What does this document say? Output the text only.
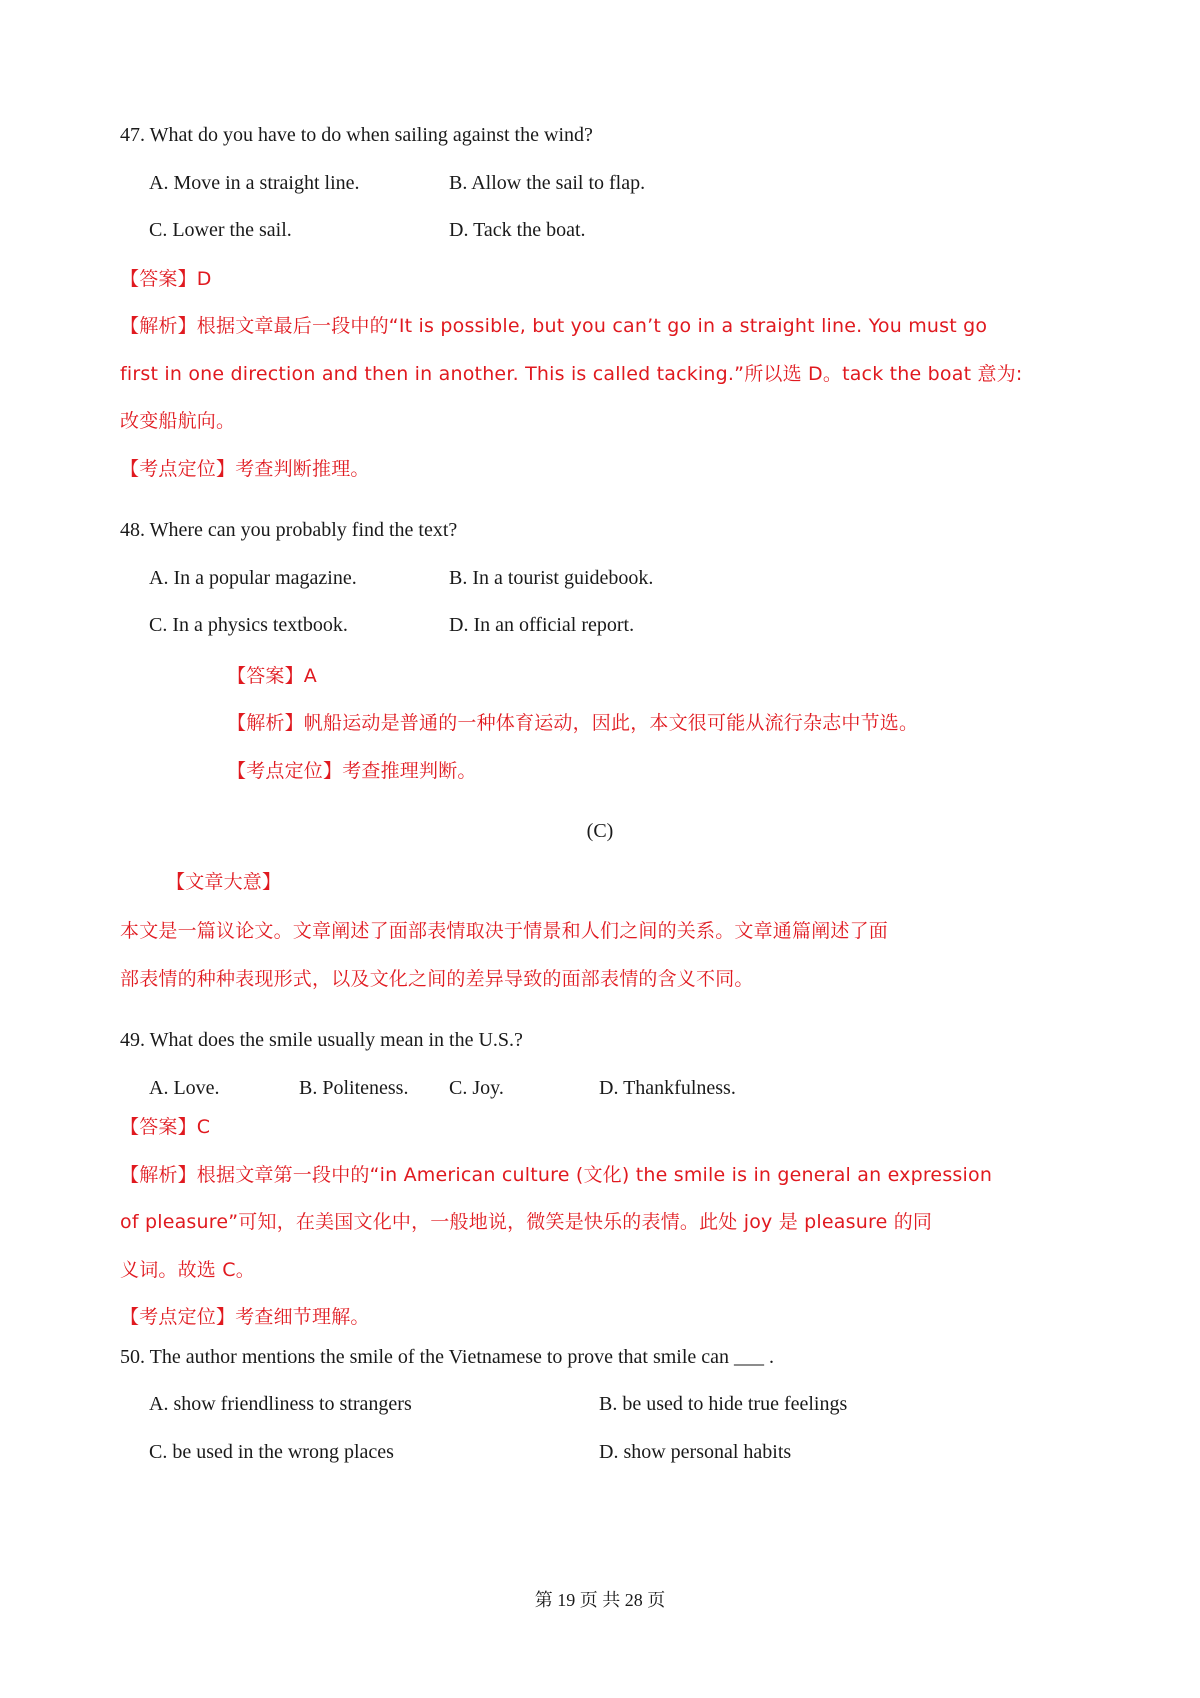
47. What do you have to do when sailing against the wind?

A. Move in a straight line.	B. Allow the sail to flap.

C. Lower the sail.	D. Tack the boat.

【答案】D

【解析】根据文章最后一段中的“It is possible, but you can’t go in a straight line. You must go

first in one direction and then in another. This is called tacking.”所以选 D。tack the boat 意为:

改变船航向。

【考点定位】考查判断推理。

48. Where can you probably find the text?

A. In a popular magazine.	B. In a tourist guidebook.

C. In a physics textbook.	D. In an official report.

【答案】A

【解析】帆船运动是普通的一种体育运动，因此，本文很可能从流行杂志中节选。

【考点定位】考查推理判断。

(C)

【文章大意】

本文是一篇议论文。文章阐述了面部表情取决于情景和人们之间的关系。文章通篇阐述了面

部表情的种种表现形式，以及文化之间的差异导致的面部表情的含义不同。

49. What does the smile usually mean in the U.S.?

A. Love.	B. Politeness. C. Joy.	D. Thankfulness.

【答案】C

【解析】根据文章第一段中的“in American culture (文化) the smile is in general an expression

of pleasure”可知，在美国文化中，一般地说，微笑是快乐的表情。此处 joy 是 pleasure 的同

义词。故选 C。

【考点定位】考查细节理解。

50. The author mentions the smile of the Vietnamese to prove that smile can ___ .

A. show friendliness to strangers	B. be used to hide true feelings

C. be used in the wrong places	D. show personal habits

第 19 页 共 28 页
